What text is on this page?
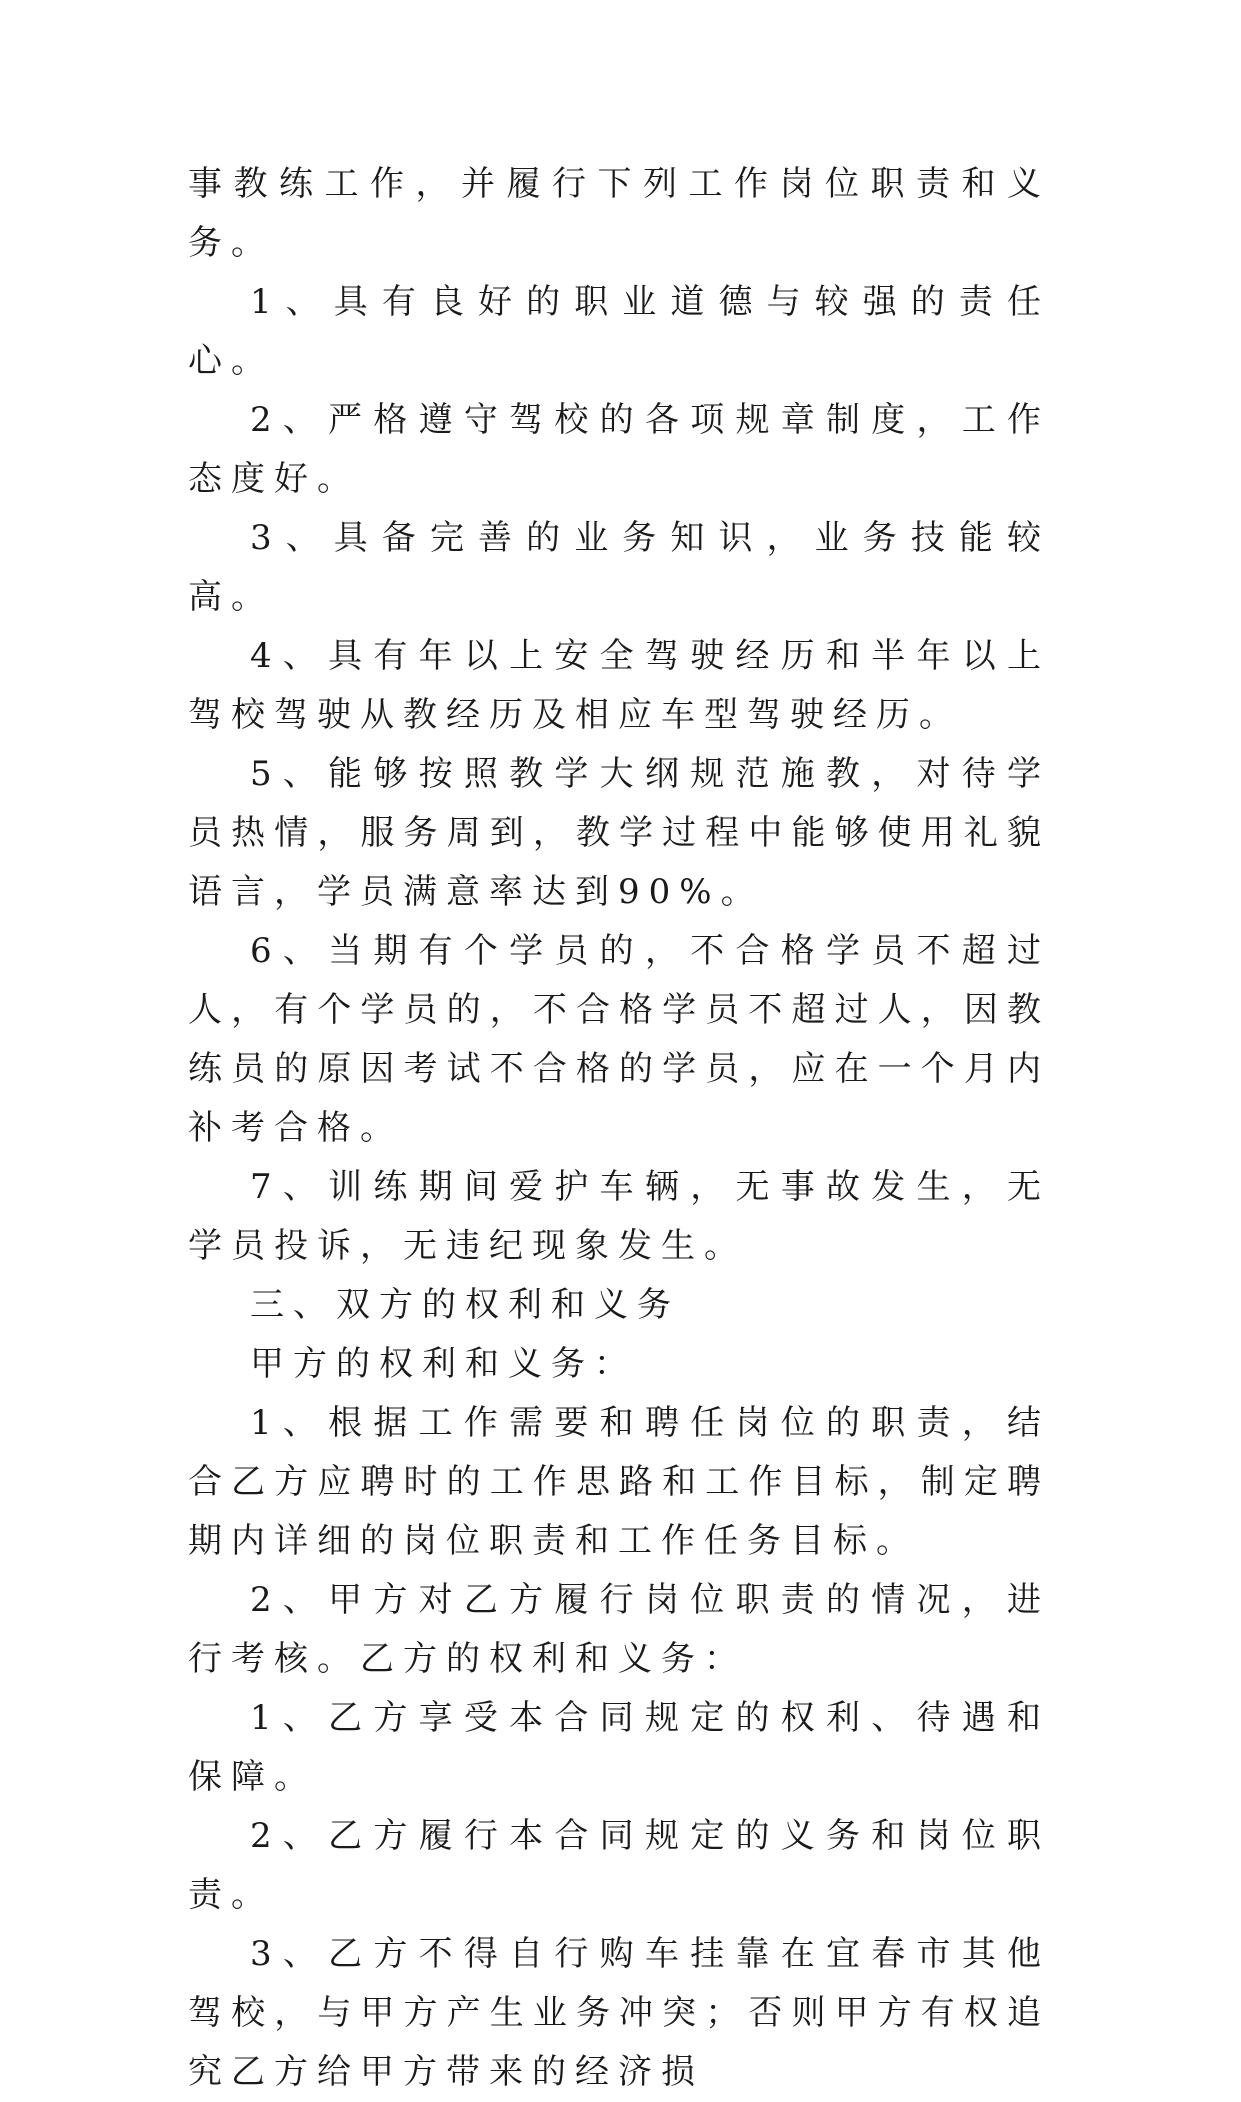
事教练工作，并履行下列工作岗位职责和义务。

1、具有良好的职业道德与较强的责任心。

2、严格遵守驾校的各项规章制度，工作态度好。

3、具备完善的业务知识，业务技能较高。

4、具有年以上安全驾驶经历和半年以上驾校驾驶从教经历及相应车型驾驶经历。

5、能够按照教学大纲规范施教，对待学员热情，服务周到，教学过程中能够使用礼貌语言，学员满意率达到90%。

6、当期有个学员的，不合格学员不超过人，有个学员的，不合格学员不超过人，因教练员的原因考试不合格的学员，应在一个月内补考合格。

7、训练期间爱护车辆，无事故发生，无学员投诉，无违纪现象发生。

三、双方的权利和义务

甲方的权利和义务：

1、根据工作需要和聘任岗位的职责，结合乙方应聘时的工作思路和工作目标，制定聘期内详细的岗位职责和工作任务目标。

2、甲方对乙方履行岗位职责的情况，进行考核。乙方的权利和义务：

1、乙方享受本合同规定的权利、待遇和保障。

2、乙方履行本合同规定的义务和岗位职责。

3、乙方不得自行购车挂靠在宜春市其他驾校，与甲方产生业务冲突；否则甲方有权追究乙方给甲方带来的经济损
